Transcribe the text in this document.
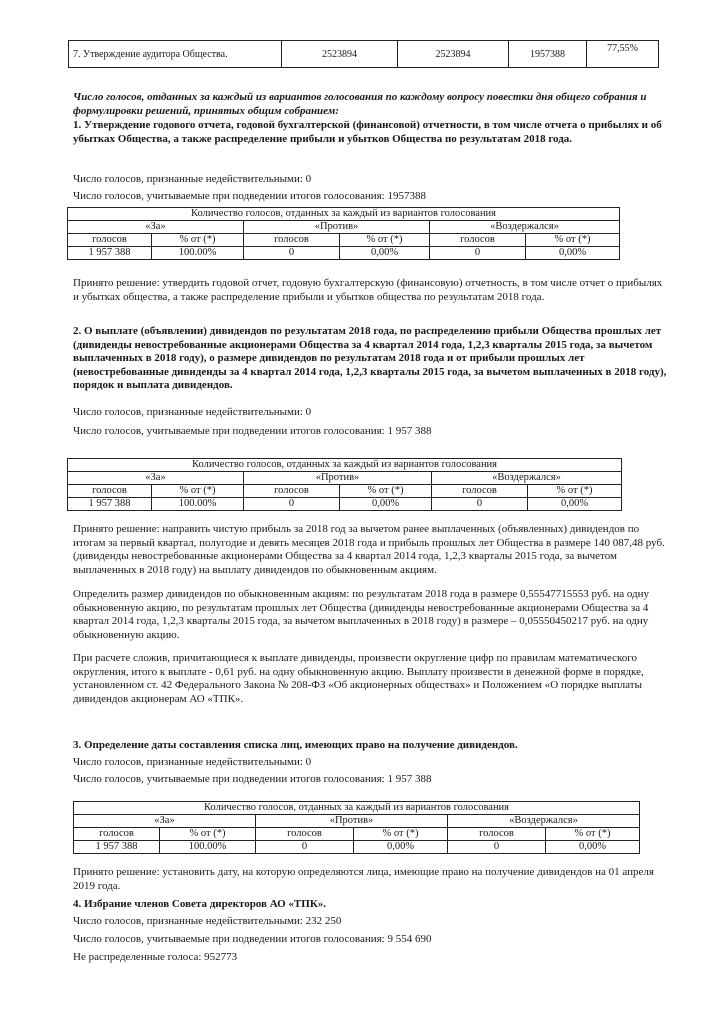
7. Утверждение аудитора Общества.	2523894	2523894	1957388	77,55%

Число голосов, отданных за каждый из вариантов голосования по каждому вопросу повестки дня общего собрания и формулировки решений, принятых общим собранием:

1. Утверждение годового отчета, годовой бухгалтерской (финансовой) отчетности, в том числе отчета о прибылях и об убытках Общества, а также распределение прибыли и убытков Общества по результатам 2018 года.

Число голосов, признанные недействительными: 0

Число голосов, учитываемые при подведении итогов голосования: 1957388

Количество голосов, отданных за каждый из вариантов голосования					
«За»		«Против»		«Воздержался»	
голосов	% от (*)	голосов	% от (*)	голосов	% от (*)
1 957 388	100.00%	0	0,00%	0	0,00%

Принято решение: утвердить годовой отчет, годовую бухгалтерскую (финансовую) отчетность, в том числе отчет о прибылях и убытках общества, а также распределение прибыли и убытков общества по результатам 2018 года.

2. О выплате (объявлении) дивидендов по результатам 2018 года, по распределению прибыли Общества прошлых лет (дивиденды невостребованные акционерами Общества за 4 квартал 2014 года, 1,2,3 кварталы 2015 года, за вычетом выплаченных в 2018 году), о размере дивидендов по результатам 2018 года и от прибыли прошлых лет (невостребованные дивиденды за 4 квартал 2014 года, 1,2,3 кварталы 2015 года, за вычетом выплаченных в 2018 году), порядок и выплата дивидендов.

Число голосов, признанные недействительными: 0

Число голосов, учитываемые при подведении итогов голосования: 1 957 388

Количество голосов, отданных за каждый из вариантов голосования					
«За»		«Против»		«Воздержался»	
голосов	% от (*)	голосов	% от (*)	голосов	% от (*)
1 957 388	100.00%	0	0,00%	0	0,00%

Принято решение: направить чистую прибыль за 2018 год за вычетом ранее выплаченных (объявленных) дивидендов по итогам за первый квартал, полугодие и девять месяцев 2018 года и прибыль прошлых лет Общества в размере 140 087,48 руб. (дивиденды невостребованные акционерами Общества за 4 квартал 2014 года, 1,2,3 кварталы 2015 года, за вычетом выплаченных в 2018 году) на выплату дивидендов по обыкновенным акциям.

Определить размер дивидендов по обыкновенным акциям: по результатам 2018 года в размере 0,55547715553 руб. на одну обыкновенную акцию, по результатам прошлых лет Общества (дивиденды невостребованные акционерами Общества за 4 квартал 2014 года, 1,2,3 кварталы 2015 года, за вычетом выплаченных в 2018 году) в размере – 0,05550450217 руб. на одну обыкновенную акцию.

При расчете сложив, причитающиеся к выплате дивиденды, произвести округление цифр по правилам математического округления, итого к выплате - 0,61 руб. на одну обыкновенную акцию. Выплату произвести в денежной форме в порядке, установленном ст. 42 Федерального Закона № 208-ФЗ «Об акционерных обществах» и Положением «О порядке выплаты дивидендов акционерам АО «ТПК».

3. Определение даты составления списка лиц, имеющих право на получение дивидендов.

Число голосов, признанные недействительными: 0

Число голосов, учитываемые при подведении итогов голосования: 1 957 388

Количество голосов, отданных за каждый из вариантов голосования					
«За»		«Против»		«Воздержался»	
голосов	% от (*)	голосов	% от (*)	голосов	% от (*)
1 957 388	100.00%	0	0,00%	0	0,00%

Принято решение: установить дату, на которую определяются лица, имеющие право на получение дивидендов на 01 апреля 2019 года.

4. Избрание членов Совета директоров АО «ТПК».

Число голосов, признанные недействительными: 232 250

Число голосов, учитываемые при подведении итогов голосования: 9 554 690

Не распределенные голоса: 952773
